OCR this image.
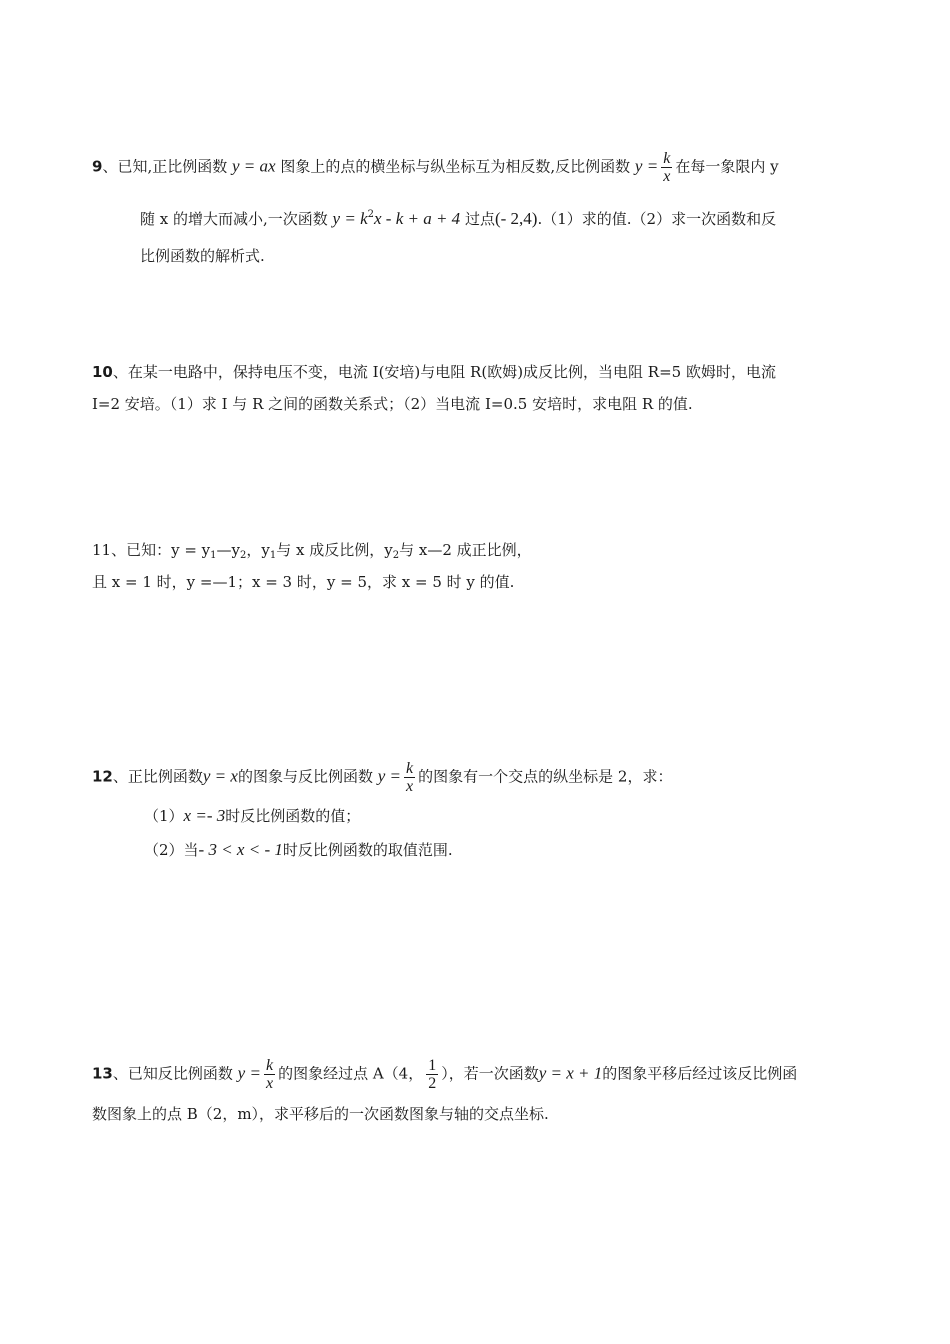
9、已知,正比例函数 y = ax 图象上的点的横坐标与纵坐标互为相反数,反比例函数 $y = \frac{k}{x}$ 在每一象限内 y
随 x 的增大而减小,一次函数 $y = k^2x - k + a + 4$ 过点(- 2,4).（1）求的值.（2）求一次函数和反
比例函数的解析式.
10、在某一电路中，保持电压不变，电流 I(安培)与电阻 R(欧姆)成反比例，当电阻 R=5 欧姆时，电流
I=2 安培。（1）求 I 与 R 之间的函数关系式；（2）当电流 I=0.5 安培时，求电阻 R 的值.
11、已知：$y = y_1—y_2$，$y_1$与 x 成反比例，$y_2$与 x—2 成正比例，
且 x = 1 时，y =—1；x = 3 时，y = 5，求 x = 5 时 y 的值.
12、正比例函数y = x的图象与反比例函数 $y = \frac{k}{x}$ 的图象有一个交点的纵坐标是 2，求：
（1）x =- 3时反比例函数的值；
（2）当- 3 < x < - 1时反比例函数的取值范围.
13、已知反比例函数 $y = \frac{k}{x}$ 的图象经过点 A（4， $\frac{1}{2}$ ），若一次函数y = x + 1的图象平移后经过该反比例函
数图象上的点 B（2，m），求平移后的一次函数图象与轴的交点坐标.
